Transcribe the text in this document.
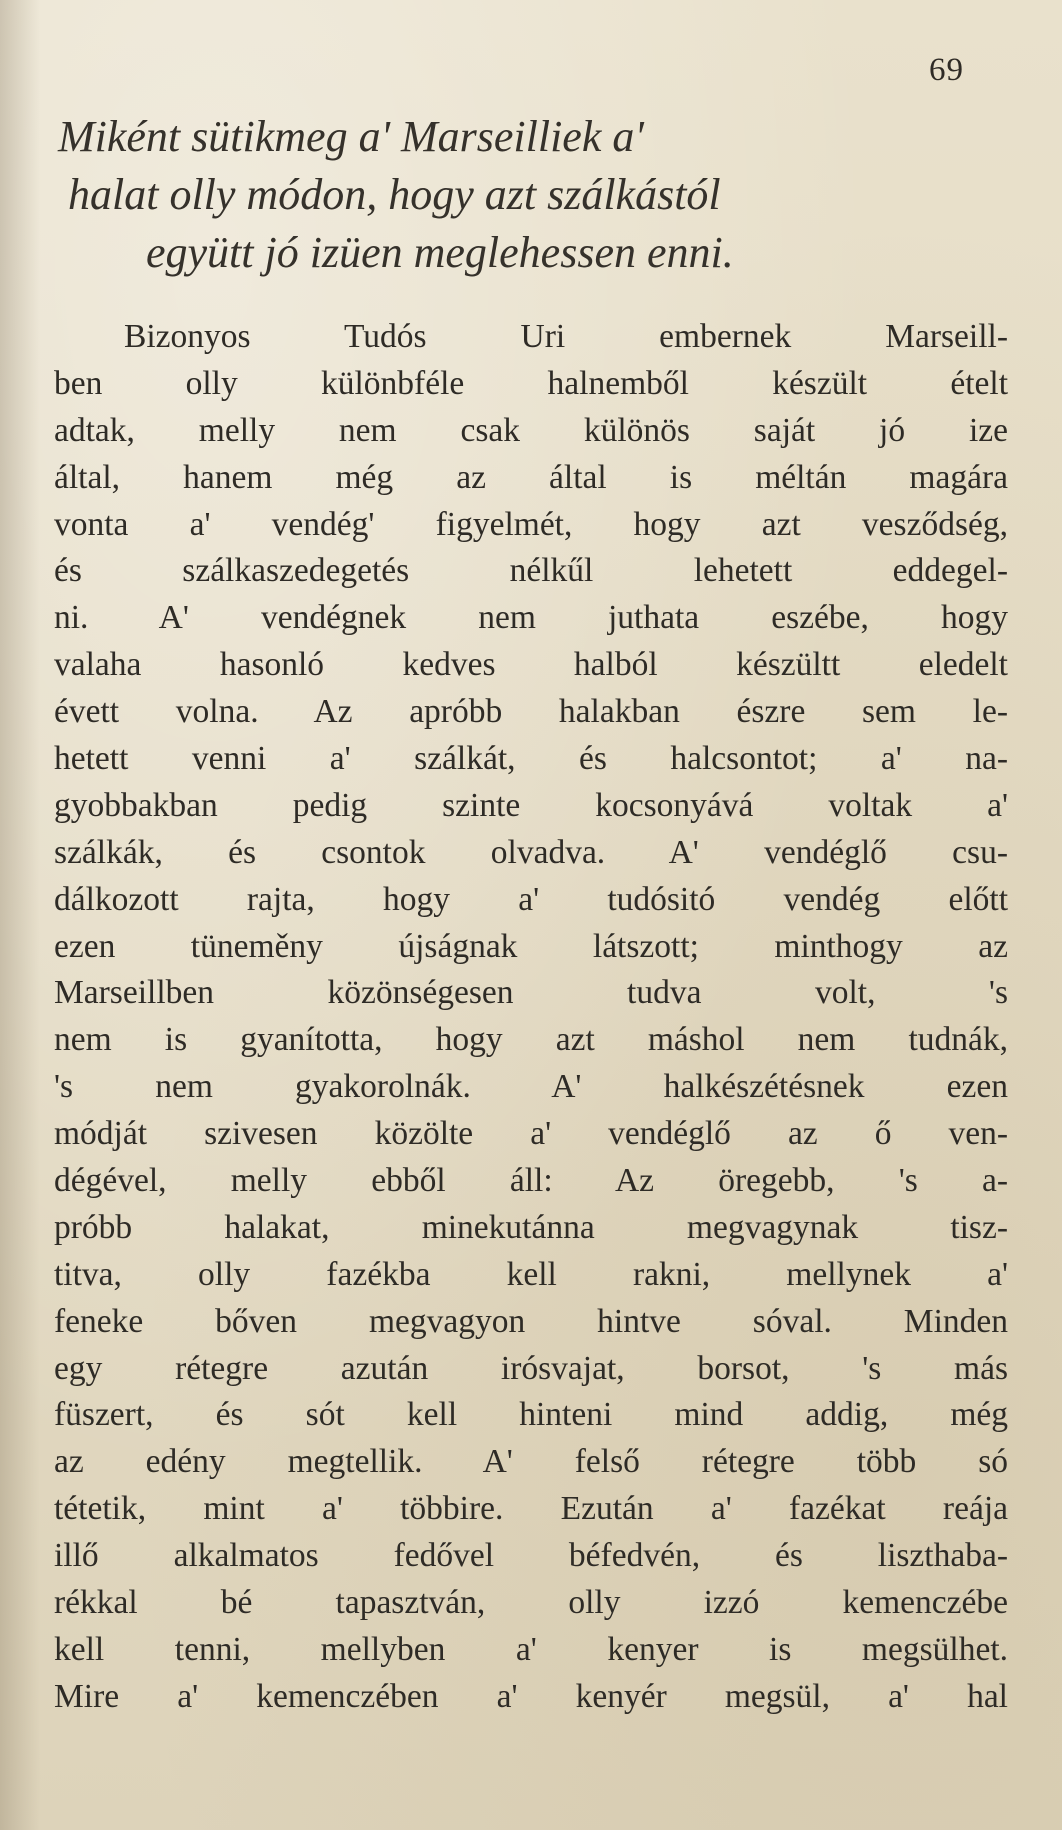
69
Miként sütikmeg a' Marseilliek a'
halat olly módon, hogy azt szálkástól
együtt jó izüen meglehessen enni.
Bizonyos Tudós Uri embernek Marseill-
ben olly különbféle halnemből készült ételt
adtak, melly nem csak különös saját jó ize
által, hanem még az által is méltán magára
vonta a' vendég' figyelmét, hogy azt vesződség,
és szálkaszedegetés nélkűl lehetett eddegel-
ni. A' vendégnek nem juthata eszébe, hogy
valaha hasonló kedves halból készültt eledelt
évett volna. Az apróbb halakban észre sem le-
hetett venni a' szálkát, és halcsontot; a' na-
gyobbakban pedig szinte kocsonyává voltak a'
szálkák, és csontok olvadva. A' vendéglő csu-
dálkozott rajta, hogy a' tudósitó vendég előtt
ezen tüneměny újságnak látszott; minthogy az
Marseillben közönségesen tudva volt, 's
nem is gyanította, hogy azt máshol nem tudnák,
's nem gyakorolnák. A' halkészétésnek ezen
módját szivesen közölte a' vendéglő az ő ven-
dégével, melly ebből áll: Az öregebb, 's a-
próbb halakat, minekutánna megvagynak tisz-
titva, olly fazékba kell rakni, mellynek a'
fenekе bőven megvagyon hintve sóval. Minden
egy rétegre azután irósvajat, borsot, 's más
füszert, és sót kell hinteni mind addig, még
az edény megtellik. A' felső rétegre több só
tétetik, mint a' többire. Ezután a' fazékat reája
illő alkalmatos fedővel béfedvén, és liszthaba-
rékkal bé tapasztván, olly izzó kemenczébe
kell tenni, mellyben a' kenyer is megsülhet.
Mire a' kemenczében a' kenyér megsül, a' hal
